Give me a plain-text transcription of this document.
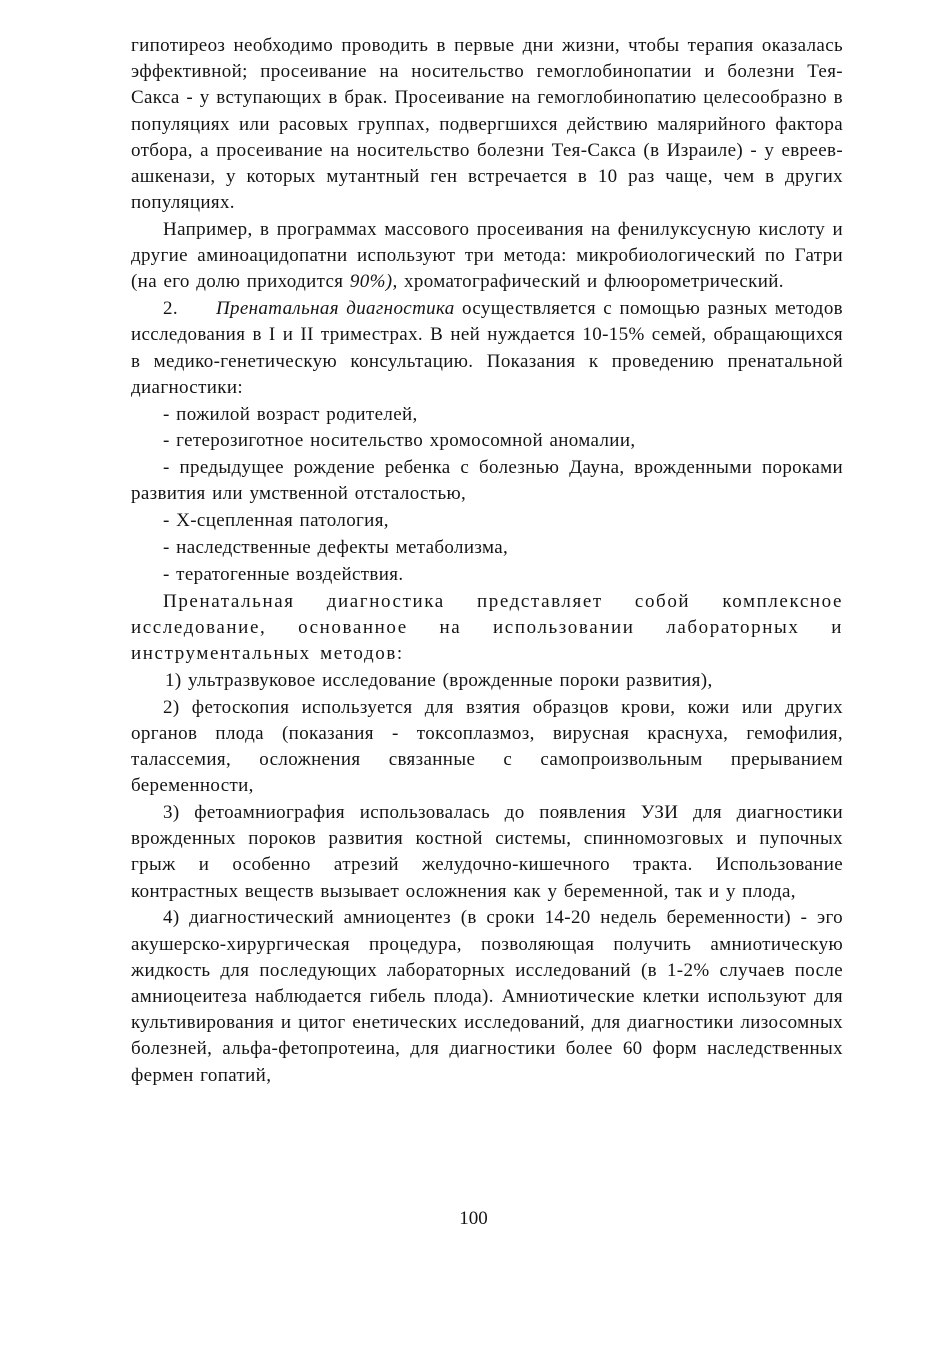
гипотиреоз необходимо проводить в первые дни жизни, чтобы терапия оказалась эффективной; просеивание на носительство гемоглобинопатии и болезни Тея-Сакса - у вступающих в брак. Просеивание на гемоглобинопатию целесообразно в популяциях или расовых группах, подвергшихся действию малярийного фактора отбора, а просеивание на носительство болезни Тея-Сакса (в Израиле) - у евреев-ашкенази, у которых мутантный ген встречается в 10 раз чаще, чем в других популяциях.

Например, в программах массового просеивания на фенилуксусную кислоту и другие аминоацидопатни используют три метода: микробиологический по Гатри (на его долю приходится 90%), хроматографический и флюорометрический.

2. Пренатальная диагностика осуществляется с помощью разных методов исследования в I и II триместрах. В ней нуждается 10-15% семей, обращающихся в медико-генетическую консультацию. Показания к проведению пренатальной диагностики:

- пожилой возраст родителей,

- гетерозиготное носительство хромосомной аномалии,

- предыдущее рождение ребенка с болезнью Дауна, врожденными пороками развития или умственной отсталостью,

- Х-сцепленная патология,

- наследственные дефекты метаболизма,

- тератогенные воздействия.

Пренатальная диагностика представляет собой комплексное исследование, основанное на использовании лабораторных и инструментальных методов:

1) ультразвуковое исследование (врожденные пороки развития),

2) фетоскопия используется для взятия образцов крови, кожи или других органов плода (показания - токсоплазмоз, вирусная краснуха, гемофилия, талассемия, осложнения связанные с самопроизвольным прерыванием беременности,

3) фетоамниография использовалась до появления УЗИ для диагностики врожденных пороков развития костной системы, спинномозговых и пупочных грыж и особенно атрезий желудочно-кишечного тракта. Использование контрастных веществ вызывает осложнения как у беременной, так и у плода,

4) диагностический амниоцентез (в сроки 14-20 недель беременности) - эго акушерско-хирургическая процедура, позволяющая получить амниотическую жидкость для последующих лабораторных исследований (в 1-2% случаев после амниоцеитеза наблюдается гибель плода). Амниотические клетки используют для культивирования и цитог енетических исследований, для диагностики лизосомных болезней, альфа-фетопротеина, для диагностики более 60 форм наследственных фермен гопатий,

100
